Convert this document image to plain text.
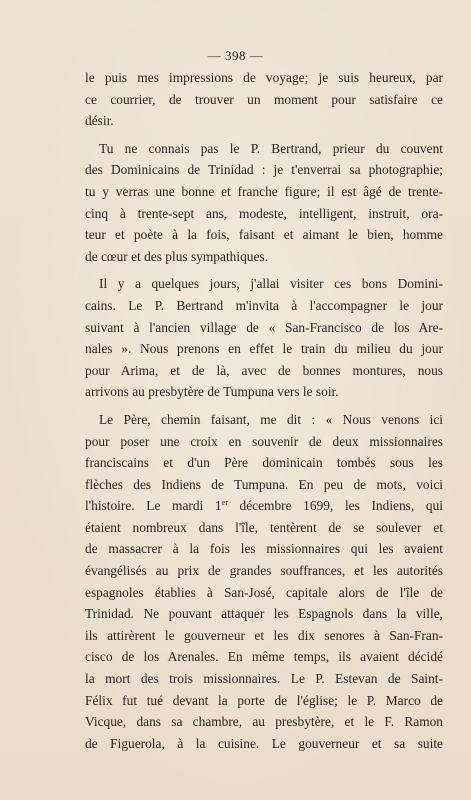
— 398 —
le puis mes impressions de voyage; je suis heureux, par
ce courrier, de trouver un moment pour satisfaire ce
désir.
Tu ne connais pas le P. Bertrand, prieur du couvent
des Dominicains de Trinidad : je t'enverrai sa photographie;
tu y verras une bonne et franche figure; il est âgé de trente-
cinq à trente-sept ans, modeste, intelligent, instruit, ora-
teur et poète à la fois, faisant et aimant le bien, homme
de cœur et des plus sympathiques.
Il y a quelques jours, j'allai visiter ces bons Domini-
cains. Le P. Bertrand m'invita à l'accompagner le jour
suivant à l'ancien village de « San-Francisco de los Are-
nales ». Nous prenons en effet le train du milieu du jour
pour Arima, et de là, avec de bonnes montures, nous
arrivons au presbytère de Tumpuna vers le soir.
Le Père, chemin faisant, me dit : « Nous venons ici
pour poser une croix en souvenir de deux missionnaires
franciscains et d'un Père dominicain tombés sous les
flèches des Indiens de Tumpuna. En peu de mots, voici
l'histoire. Le mardi 1er décembre 1699, les Indiens, qui
étaient nombreux dans l'île, tentèrent de se soulever et
de massacrer à la fois les missionnaires qui les avaient
évangélisés au prix de grandes souffrances, et les autorités
espagnoles établies à San-José, capitale alors de l'île de
Trinidad. Ne pouvant attaquer les Espagnols dans la ville,
ils attirèrent le gouverneur et les dix senores à San-Fran-
cisco de los Arenales. En même temps, ils avaient décidé
la mort des trois missionnaires. Le P. Estevan de Saint-
Félix fut tué devant la porte de l'église; le P. Marco de
Vicque, dans sa chambre, au presbytère, et le F. Ramon
de Figuerola, à la cuisine. Le gouverneur et sa suite
